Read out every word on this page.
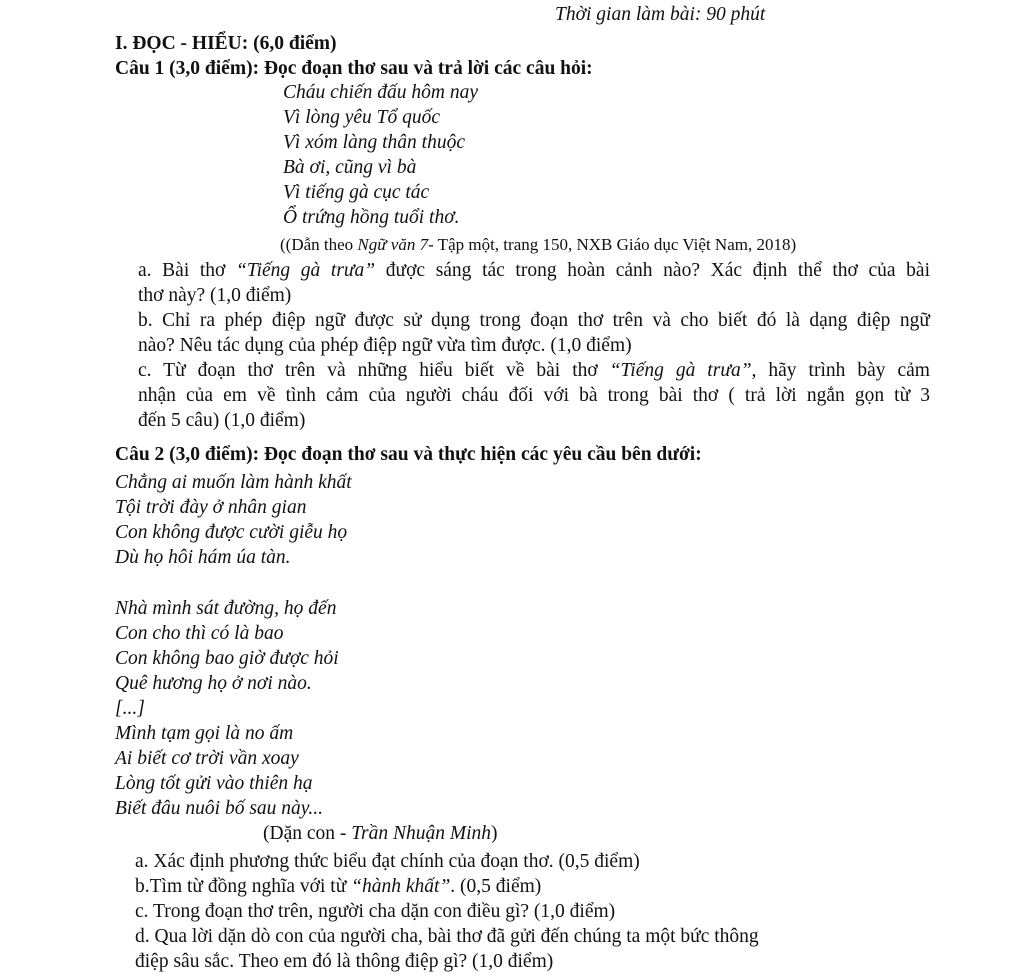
Thời gian làm bài: 90 phút
I. ĐỌC - HIỂU: (6,0 điểm)
Câu 1 (3,0 điểm): Đọc đoạn thơ sau và trả lời các câu hỏi:
Cháu chiến đấu hôm nay
Vì lòng yêu Tổ quốc
Vì xóm làng thân thuộc
Bà ơi, cũng vì bà
Vì tiếng gà cục tác
Ổ trứng hồng tuổi thơ.
((Dẫn theo Ngữ văn 7- Tập một, trang 150, NXB Giáo dục Việt Nam, 2018)
a. Bài thơ “Tiếng gà trưa” được sáng tác trong hoàn cảnh nào? Xác định thể thơ của bài
thơ này? (1,0 điểm)
b. Chỉ ra phép điệp ngữ được sử dụng trong đoạn thơ trên và cho biết đó là dạng điệp ngữ
nào? Nêu tác dụng của phép điệp ngữ vừa tìm được. (1,0 điểm)
c. Từ đoạn thơ trên và những hiểu biết về bài thơ “Tiếng gà trưa”, hãy trình bày cảm
nhận của em về tình cảm của người cháu đối với bà trong bài thơ ( trả lời ngắn gọn từ 3
đến 5 câu) (1,0 điểm)
Câu 2 (3,0 điểm): Đọc đoạn thơ sau và thực hiện các yêu cầu bên dưới:
Chẳng ai muốn làm hành khất
Tội trời đày ở nhân gian
Con không được cười giễu họ
Dù họ hôi hám úa tàn.
Nhà mình sát đường, họ đến
Con cho thì có là bao
Con không bao giờ được hỏi
Quê hương họ ở nơi nào.
[...]
Mình tạm gọi là no ấm
Ai biết cơ trời vần xoay
Lòng tốt gửi vào thiên hạ
Biết đâu nuôi bố sau này...
(Dặn con - Trần Nhuận Minh)
a. Xác định phương thức biểu đạt chính của đoạn thơ. (0,5 điểm)
b.Tìm từ đồng nghĩa với từ “hành khất”. (0,5 điểm)
c. Trong đoạn thơ trên, người cha dặn con điều gì? (1,0 điểm)
d. Qua lời dặn dò con của người cha, bài thơ đã gửi đến chúng ta một bức thông
điệp sâu sắc. Theo em đó là thông điệp gì? (1,0 điểm)
